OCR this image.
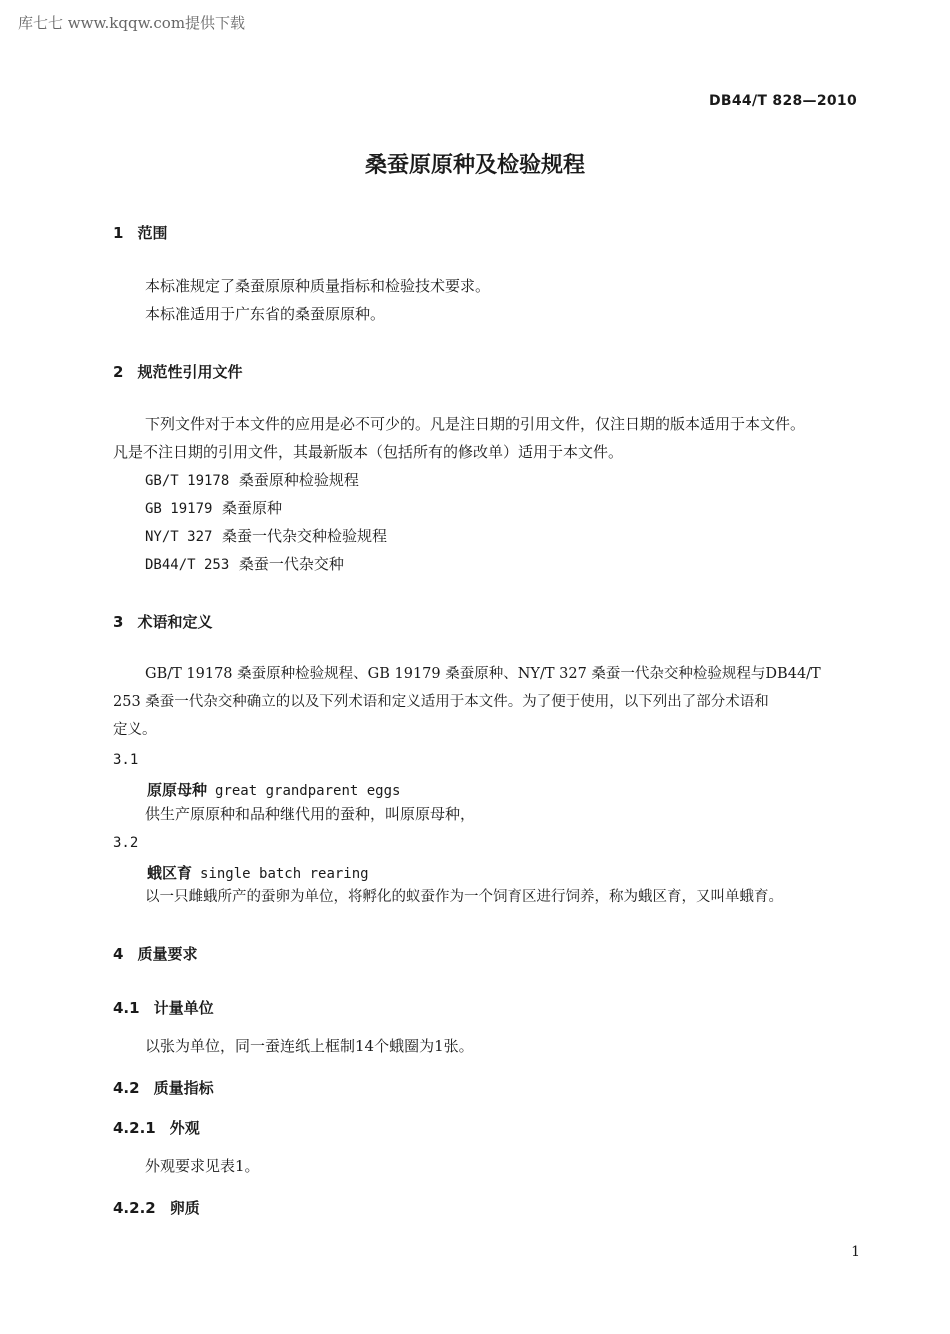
库七七 www.kqqw.com提供下载
DB44/T 828—2010
桑蚕原原种及检验规程
1 范围
本标准规定了桑蚕原原种质量指标和检验技术要求。
本标准适用于广东省的桑蚕原原种。
2 规范性引用文件
下列文件对于本文件的应用是必不可少的。凡是注日期的引用文件，仅注日期的版本适用于本文件。
凡是不注日期的引用文件，其最新版本（包括所有的修改单）适用于本文件。
GB/T 19178 桑蚕原种检验规程
GB 19179 桑蚕原种
NY/T 327 桑蚕一代杂交种检验规程
DB44/T 253 桑蚕一代杂交种
3 术语和定义
GB/T 19178 桑蚕原种检验规程、GB 19179 桑蚕原种、NY/T 327 桑蚕一代杂交种检验规程与DB44/T
253 桑蚕一代杂交种确立的以及下列术语和定义适用于本文件。为了便于使用，以下列出了部分术语和
定义。
3.1
原原母种 great grandparent eggs
供生产原原种和品种继代用的蚕种，叫原原母种，
3.2
蛾区育 single batch rearing
以一只雌蛾所产的蚕卵为单位，将孵化的蚁蚕作为一个饲育区进行饲养，称为蛾区育，又叫单蛾育。
4 质量要求
4.1 计量单位
以张为单位，同一蚕连纸上框制14个蛾圈为1张。
4.2 质量指标
4.2.1 外观
外观要求见表1。
4.2.2 卵质
1
